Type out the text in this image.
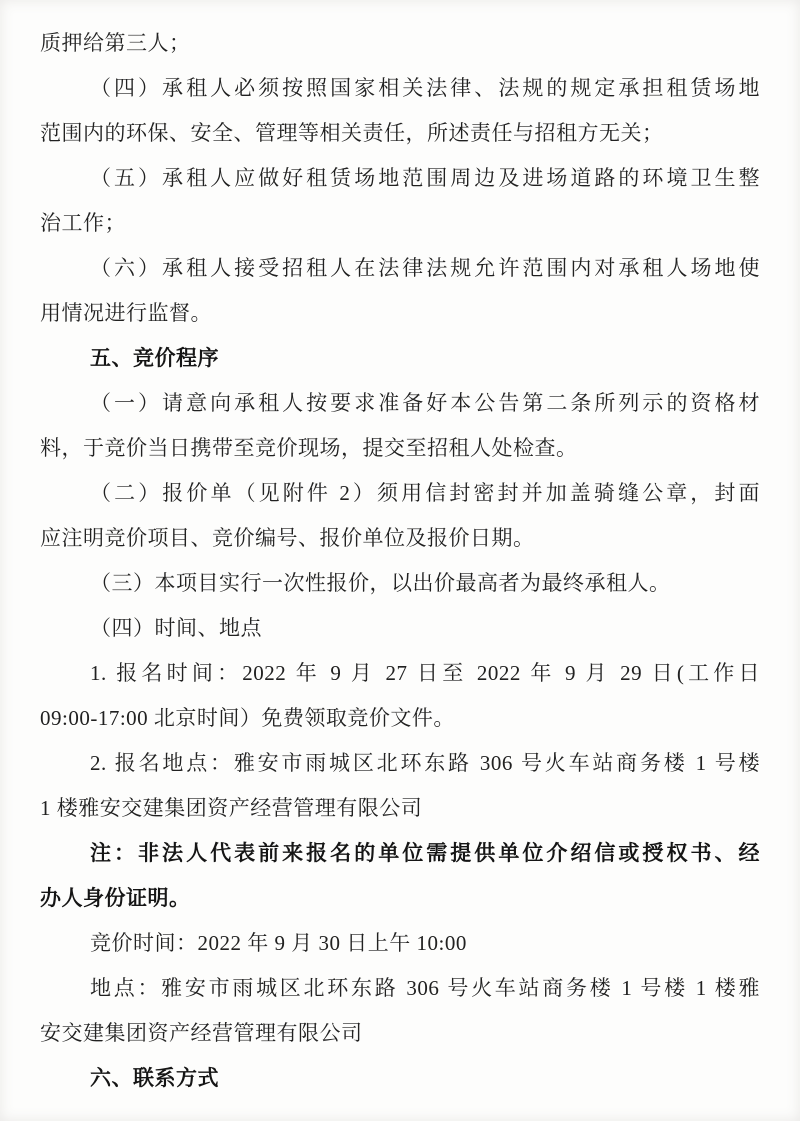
质押给第三人；

（四）承租人必须按照国家相关法律、法规的规定承担租赁场地

范围内的环保、安全、管理等相关责任，所述责任与招租方无关；

（五）承租人应做好租赁场地范围周边及进场道路的环境卫生整

治工作；

（六）承租人接受招租人在法律法规允许范围内对承租人场地使

用情况进行监督。

五、竞价程序

（一）请意向承租人按要求准备好本公告第二条所列示的资格材

料，于竞价当日携带至竞价现场，提交至招租人处检查。

（二）报价单（见附件 2）须用信封密封并加盖骑缝公章，封面

应注明竞价项目、竞价编号、报价单位及报价日期。

（三）本项目实行一次性报价，以出价最高者为最终承租人。

（四）时间、地点

1. 报名时间：2022 年 9 月 27 日至 2022 年 9 月 29 日(工作日

09:00-17:00 北京时间）免费领取竞价文件。

2. 报名地点：雅安市雨城区北环东路 306 号火车站商务楼 1 号楼

1 楼雅安交建集团资产经营管理有限公司

注：非法人代表前来报名的单位需提供单位介绍信或授权书、经

办人身份证明。

竞价时间：2022 年 9 月 30 日上午 10:00

地点：雅安市雨城区北环东路 306 号火车站商务楼 1 号楼 1 楼雅

安交建集团资产经营管理有限公司

六、联系方式
